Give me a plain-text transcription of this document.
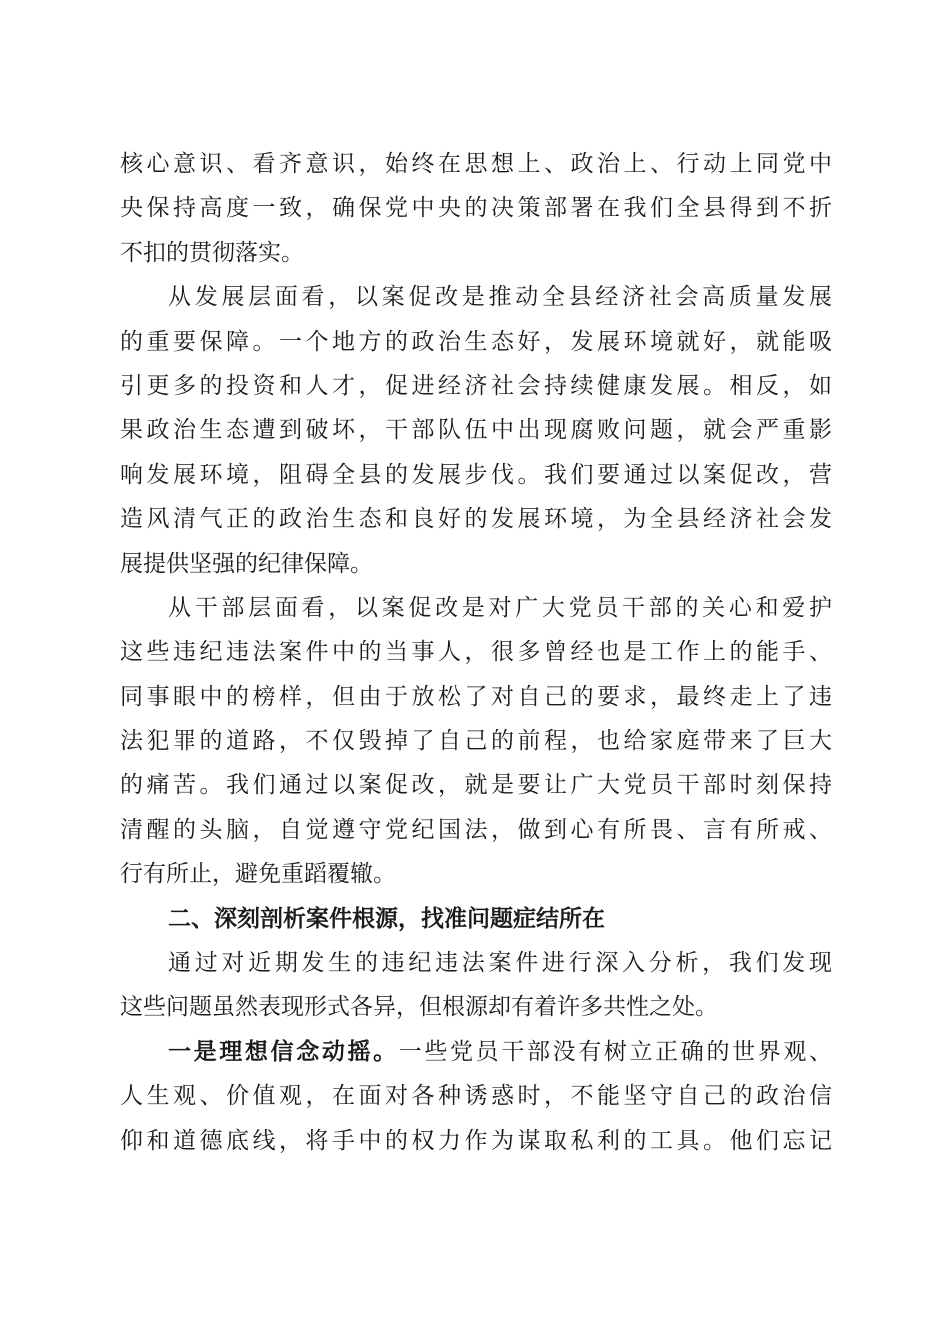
核心意识、看齐意识，始终在思想上、政治上、行动上同党中
央保持高度一致，确保党中央的决策部署在我们全县得到不折
不扣的贯彻落实。
从发展层面看，以案促改是推动全县经济社会高质量发展
的重要保障。一个地方的政治生态好，发展环境就好，就能吸
引更多的投资和人才，促进经济社会持续健康发展。相反，如
果政治生态遭到破坏，干部队伍中出现腐败问题，就会严重影
响发展环境，阻碍全县的发展步伐。我们要通过以案促改，营
造风清气正的政治生态和良好的发展环境，为全县经济社会发
展提供坚强的纪律保障。
从干部层面看，以案促改是对广大党员干部的关心和爱护
这些违纪违法案件中的当事人，很多曾经也是工作上的能手、
同事眼中的榜样，但由于放松了对自己的要求，最终走上了违
法犯罪的道路，不仅毁掉了自己的前程，也给家庭带来了巨大
的痛苦。我们通过以案促改，就是要让广大党员干部时刻保持
清醒的头脑，自觉遵守党纪国法，做到心有所畏、言有所戒、
行有所止，避免重蹈覆辙。
二、深刻剖析案件根源，找准问题症结所在
通过对近期发生的违纪违法案件进行深入分析，我们发现
这些问题虽然表现形式各异，但根源却有着许多共性之处。
一是理想信念动摇。一些党员干部没有树立正确的世界观、
人生观、价值观，在面对各种诱惑时，不能坚守自己的政治信
仰和道德底线，将手中的权力作为谋取私利的工具。他们忘记
